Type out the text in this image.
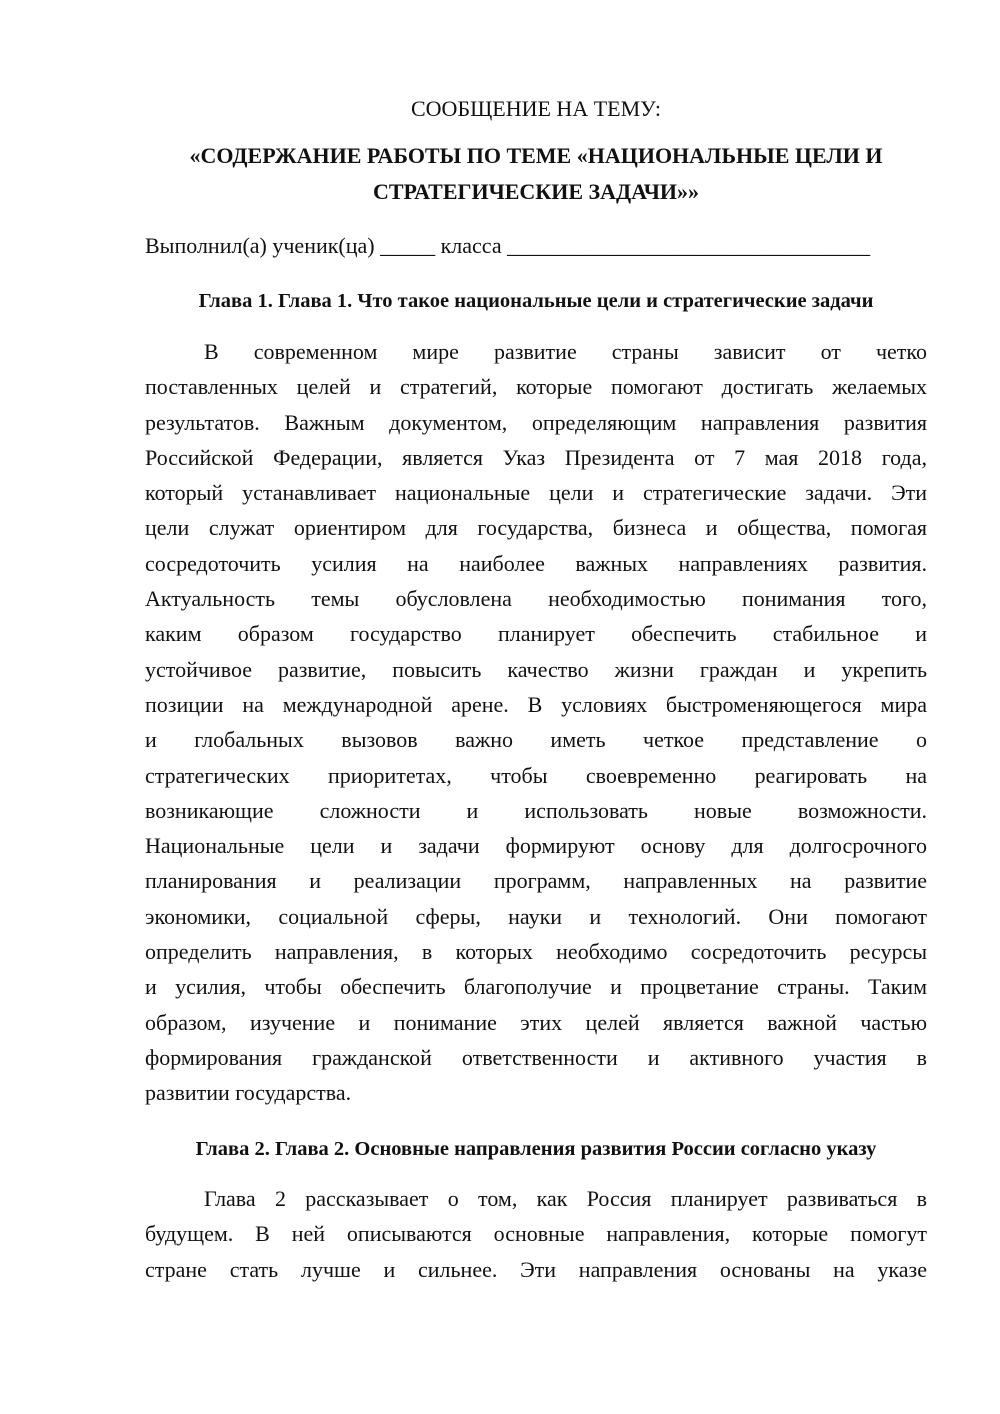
СООБЩЕНИЕ НА ТЕМУ:
«СОДЕРЖАНИЕ РАБОТЫ ПО ТЕМЕ «НАЦИОНАЛЬНЫЕ ЦЕЛИ И
СТРАТЕГИЧЕСКИЕ ЗАДАЧИ»»
Выполнил(а) ученик(ца) _____ класса _________________________________
Глава 1. Глава 1. Что такое национальные цели и стратегические задачи
В современном мире развитие страны зависит от четко
поставленных целей и стратегий, которые помогают достигать желаемых
результатов. Важным документом, определяющим направления развития
Российской Федерации, является Указ Президента от 7 мая 2018 года,
который устанавливает национальные цели и стратегические задачи. Эти
цели служат ориентиром для государства, бизнеса и общества, помогая
сосредоточить усилия на наиболее важных направлениях развития.
Актуальность темы обусловлена необходимостью понимания того,
каким образом государство планирует обеспечить стабильное и
устойчивое развитие, повысить качество жизни граждан и укрепить
позиции на международной арене. В условиях быстроменяющегося мира
и глобальных вызовов важно иметь четкое представление о
стратегических приоритетах, чтобы своевременно реагировать на
возникающие сложности и использовать новые возможности.
Национальные цели и задачи формируют основу для долгосрочного
планирования и реализации программ, направленных на развитие
экономики, социальной сферы, науки и технологий. Они помогают
определить направления, в которых необходимо сосредоточить ресурсы
и усилия, чтобы обеспечить благополучие и процветание страны. Таким
образом, изучение и понимание этих целей является важной частью
формирования гражданской ответственности и активного участия в
развитии государства.
Глава 2. Глава 2. Основные направления развития России согласно указу
Глава 2 рассказывает о том, как Россия планирует развиваться в
будущем. В ней описываются основные направления, которые помогут
стране стать лучше и сильнее. Эти направления основаны на указе
